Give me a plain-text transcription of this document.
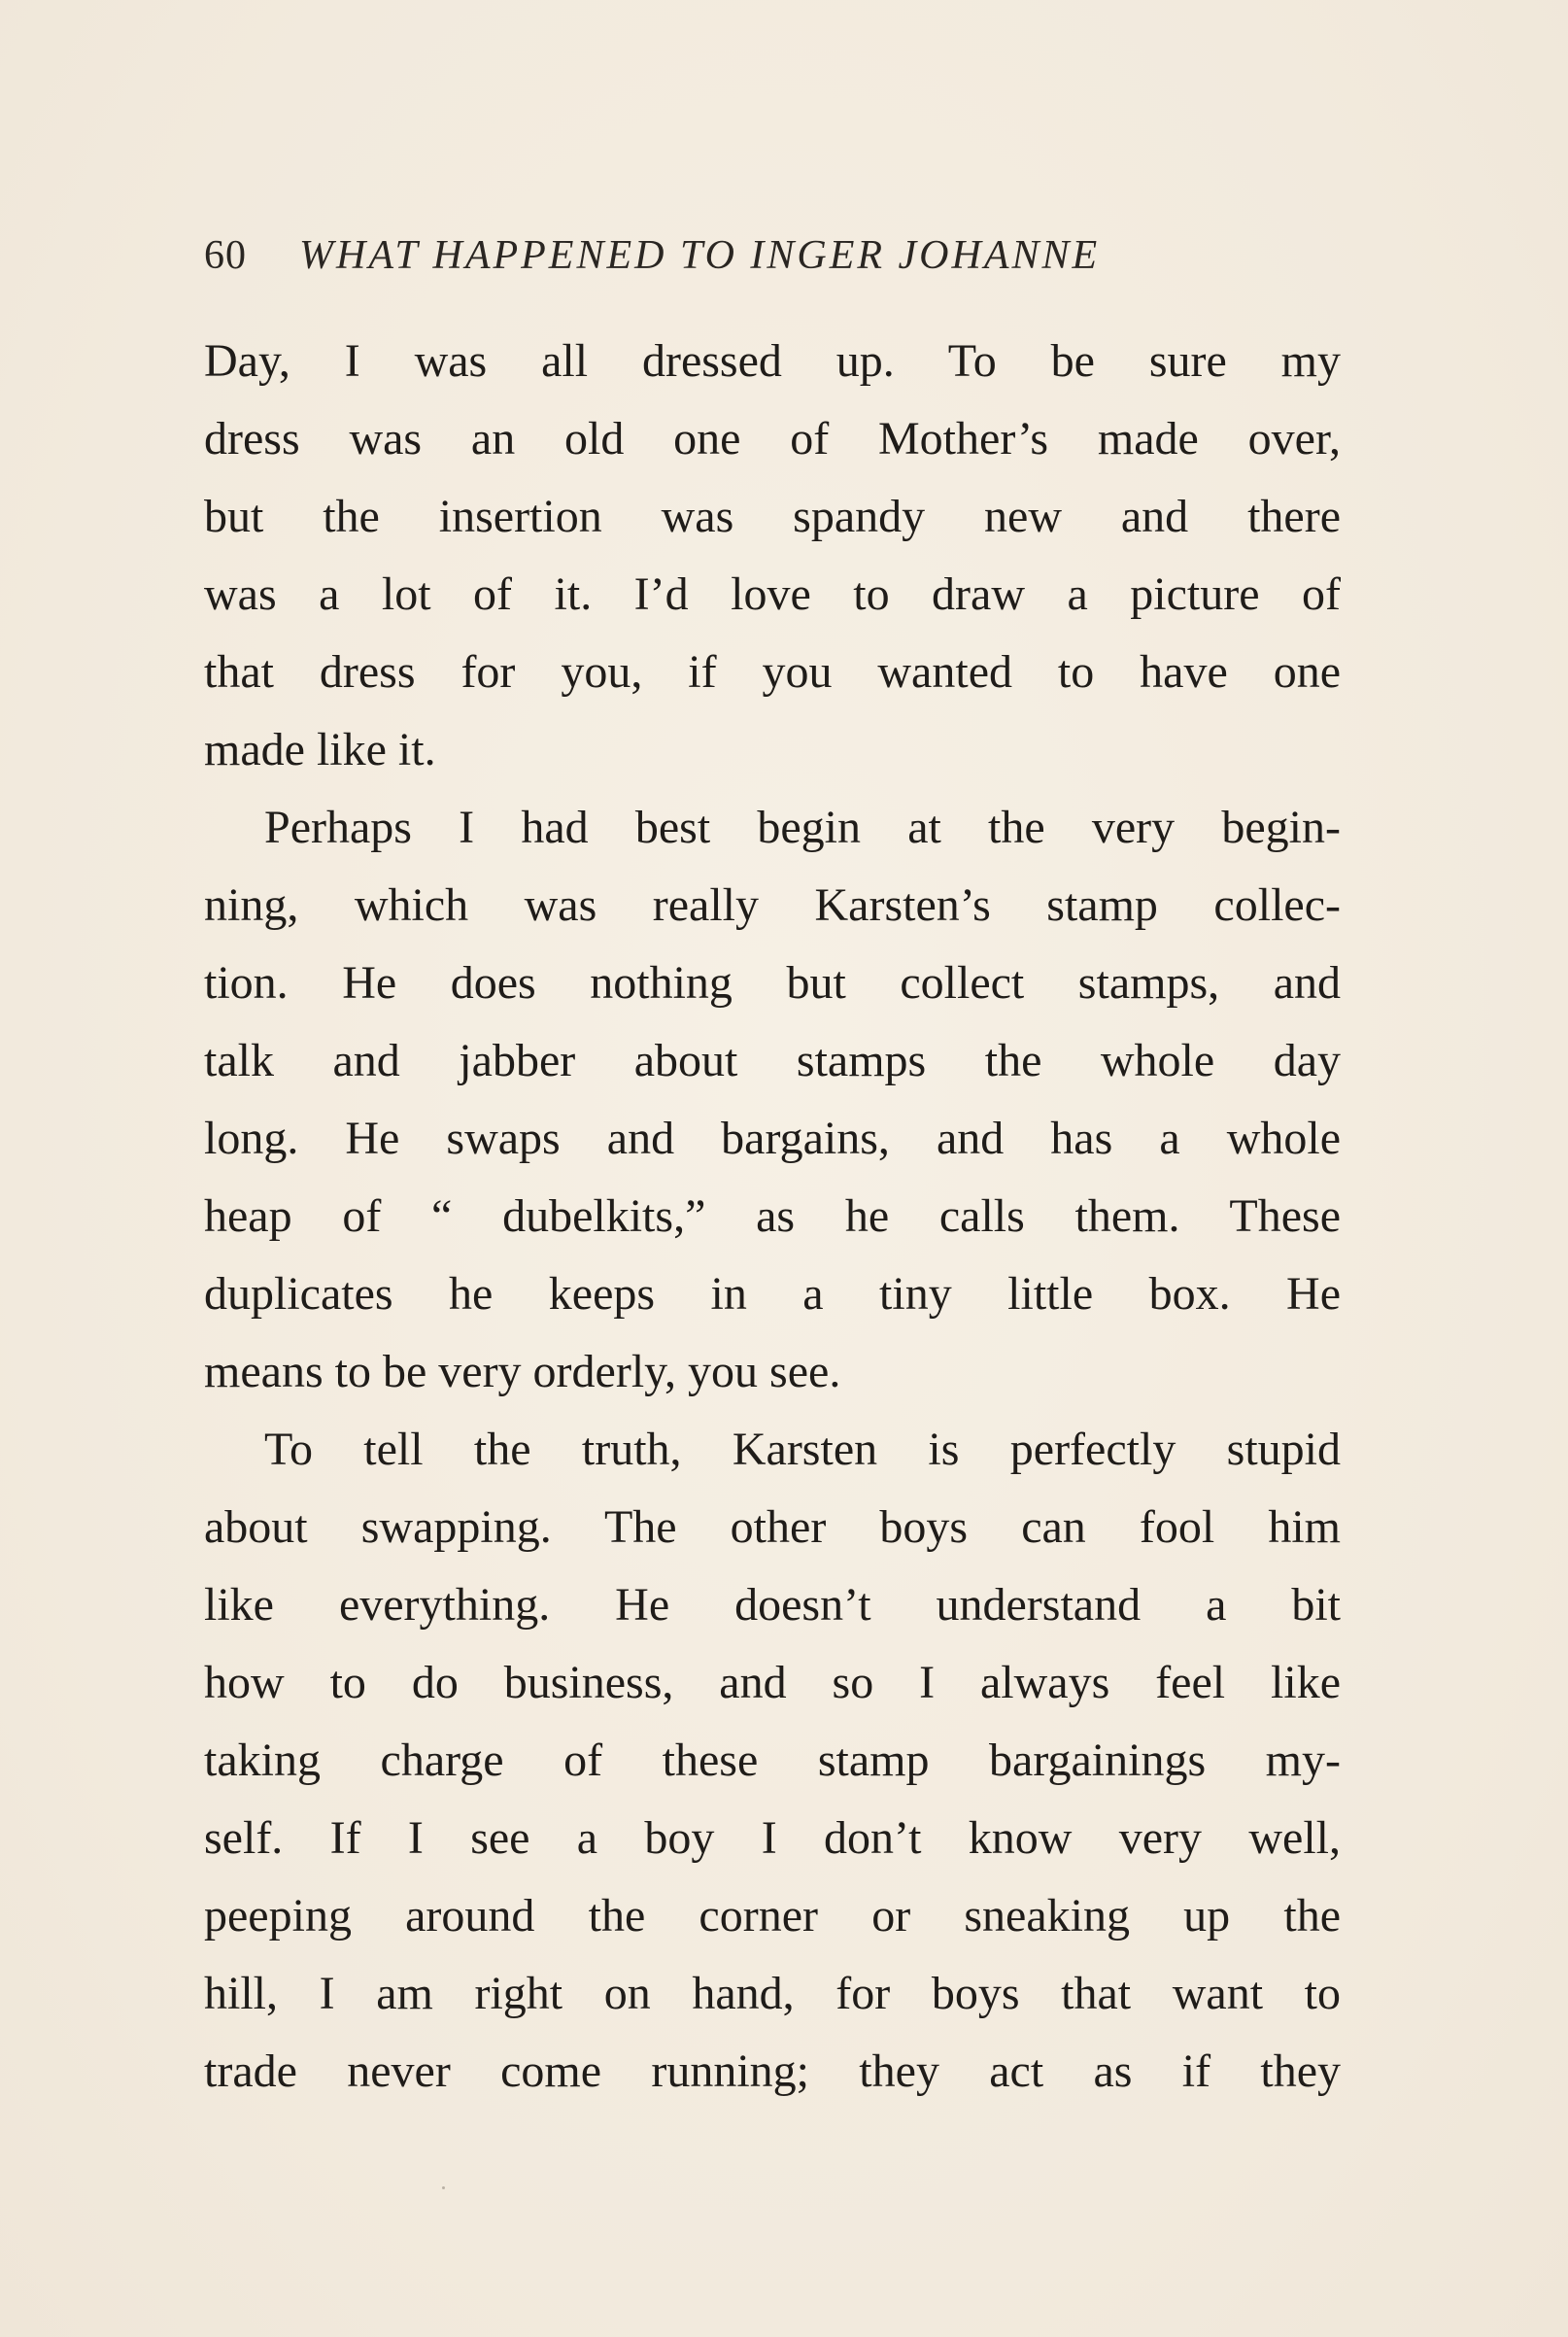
60 WHAT HAPPENED TO INGER JOHANNE
Day, I was all dressed up. To be sure my
dress was an old one of Mother’s made over,
but the insertion was spandy new and there
was a lot of it. I’d love to draw a picture of
that dress for you, if you wanted to have one
made like it.
Perhaps I had best begin at the very begin-
ning, which was really Karsten’s stamp collec-
tion. He does nothing but collect stamps, and
talk and jabber about stamps the whole day
long. He swaps and bargains, and has a whole
heap of “ dubelkits,” as he calls them. These
duplicates he keeps in a tiny little box. He
means to be very orderly, you see.
To tell the truth, Karsten is perfectly stupid
about swapping. The other boys can fool him
like everything. He doesn’t understand a bit
how to do business, and so I always feel like
taking charge of these stamp bargainings my-
self. If I see a boy I don’t know very well,
peeping around the corner or sneaking up the
hill, I am right on hand, for boys that want to
trade never come running; they act as if they
